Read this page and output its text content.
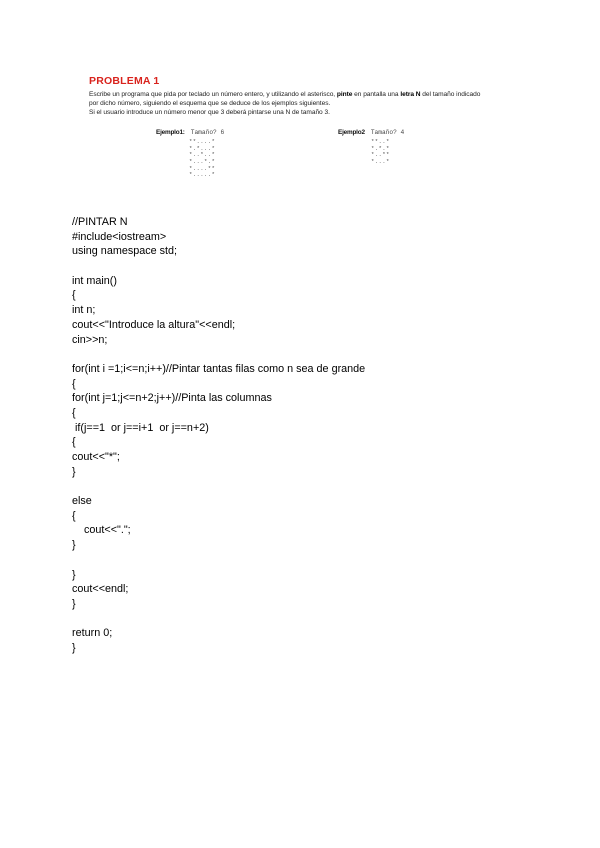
PROBLEMA 1

Escribe un programa que pida por teclado un número entero, y utilizando el asterisco, pinte en pantalla una letra N del tamaño indicado
por dicho número, siguiendo el esquema que se deduce de los ejemplos siguientes.
Si el usuario introduce un número menor que 3 deberá pintarse una N de tamaño 3.

Ejemplo1: Tamaño? 6
**....*
*.*...*
*..*..*
*...*.*
*....**
*.....*
Ejemplo2 Tamaño? 4
**..*
*.*.*
*..**
*...*
//PINTAR N
#include<iostream>
using namespace std;
int main()
{
int n;
cout<<"Introduce la altura"<<endl;
cin>>n;
for(int i =1;i<=n;i++)//Pintar tantas filas como n sea de grande
{
for(int j=1;j<=n+2;j++)//Pinta las columnas
{
if(j==1  or j==i+1  or j==n+2)
{
cout<<"*";
}
else
{
cout<<".";
}
}
cout<<endl;
}
return 0;
}
